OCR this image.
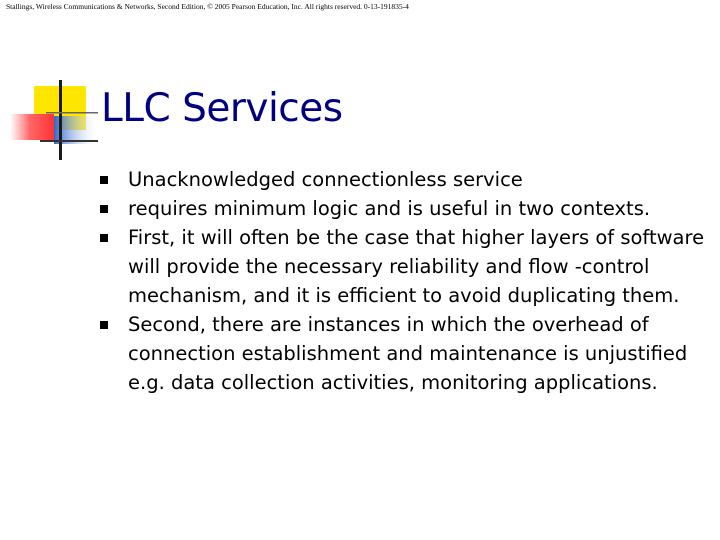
Stallings, Wireless Communications & Networks, Second Edition, © 2005 Pearson Education, Inc. All rights reserved. 0-13-191835-4
LLC Services
Unacknowledged connectionless service
requires minimum logic and is useful in two contexts.
First, it will often be the case that higher layers of software will provide the necessary reliability and flow -control mechanism, and it is efficient to avoid duplicating them.
Second, there are instances in which the overhead of connection establishment and maintenance is unjustified e.g. data collection activities, monitoring applications.
